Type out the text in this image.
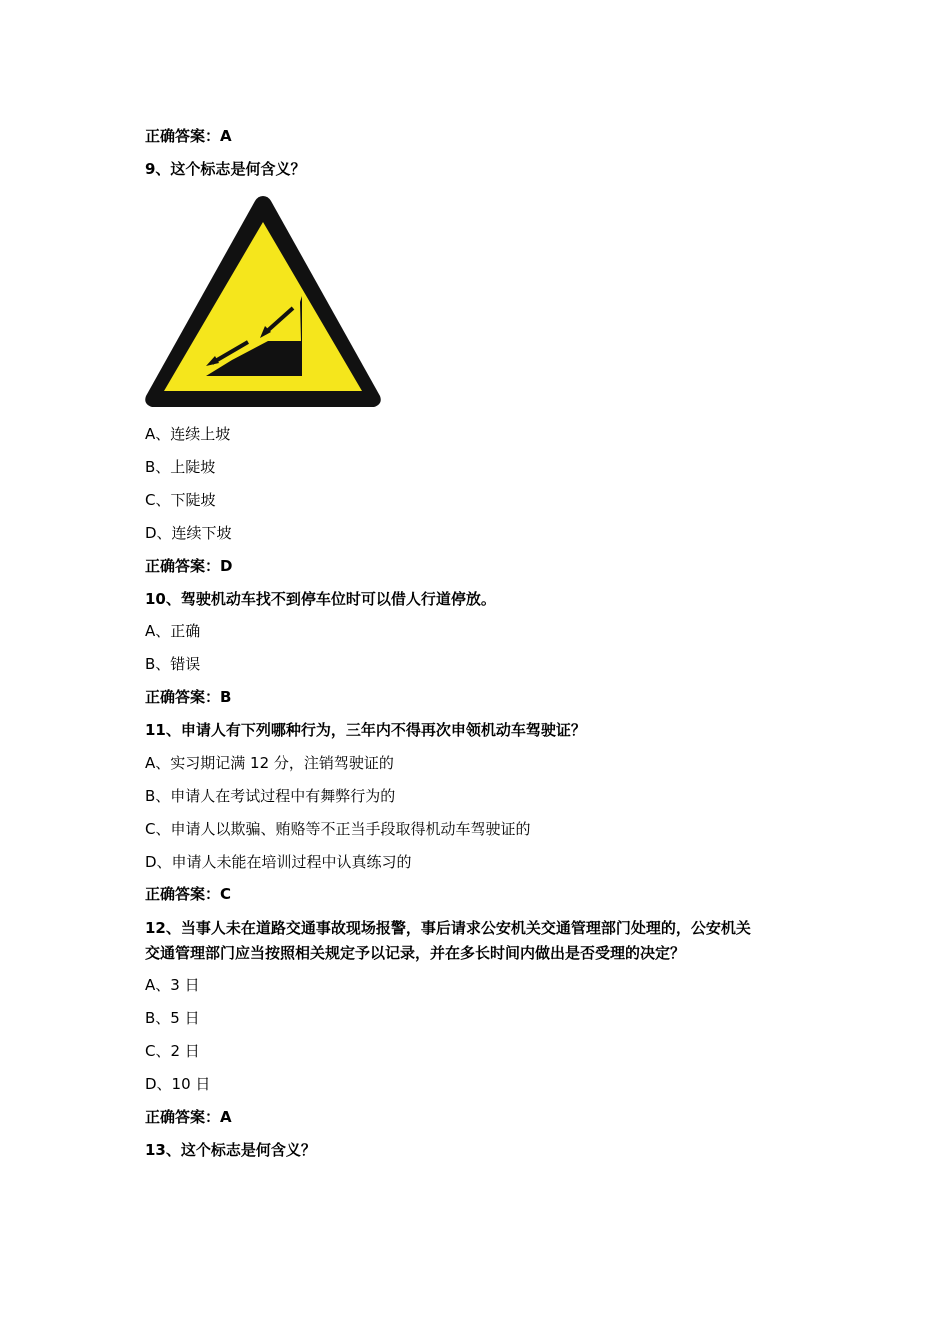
正确答案：A
9、这个标志是何含义？
A、连续上坡
B、上陡坡
C、下陡坡
D、连续下坡
正确答案：D
10、驾驶机动车找不到停车位时可以借人行道停放。
A、正确
B、错误
正确答案：B
11、申请人有下列哪种行为，三年内不得再次申领机动车驾驶证？
A、实习期记满 12 分，注销驾驶证的
B、申请人在考试过程中有舞弊行为的
C、申请人以欺骗、贿赂等不正当手段取得机动车驾驶证的
D、申请人未能在培训过程中认真练习的
正确答案：C
12、当事人未在道路交通事故现场报警，事后请求公安机关交通管理部门处理的，公安机关
交通管理部门应当按照相关规定予以记录，并在多长时间内做出是否受理的决定？
A、3 日
B、5 日
C、2 日
D、10 日
正确答案：A
13、这个标志是何含义？
